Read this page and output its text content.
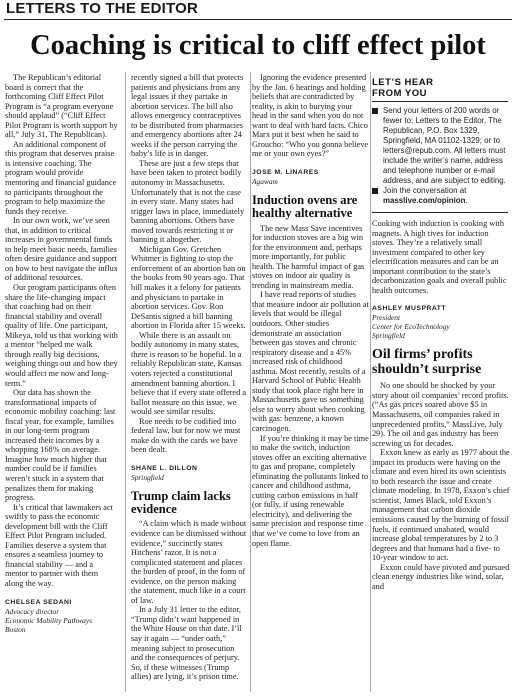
LETTERS TO THE EDITOR
Coaching is critical to cliff effect pilot

The Republican’s editorial board is correct that the forthcoming Cliff Effect Pilot Program is “a program everyone should applaud” (“Cliff Effect Pilot Program is worth support by all,” July 31, The Republican).

An additional component of this program that deserves praise is intensive coaching. The program would provide mentoring and financial guidance to participants throughout the program to help maximize the funds they receive.

In our own work, we’ve seen that, in addition to critical increases in governmental funds to help meet basic needs, families often desire guidance and support on how to best navigate the influx of additional resources.

Our program participants often share the life-changing impact that coaching had on their financial stability and overall quality of life. One participant, Mikeya, told us that working with a mentor “helped me walk through really big decisions, weighing things out and how they would affect me now and long-term.”

Our data has shown the transformational impacts of economic mobility coaching: last fiscal year, for example, families in our long-term program increased their incomes by a whopping 168% on average. Imagine how much higher that number could be if families weren’t stuck in a system that penalizes them for making progress.

It’s critical that lawmakers act swiftly to pass the economic development bill with the Cliff Effect Pilot Program included. Families deserve a system that ensures a seamless journey to financial stability — and a mentor to partner with them along the way.

CHELSEA SEDANI
Advocacy director
Economic Mobility Pathways
Boston

recently signed a bill that protects patients and physicians from any legal issues if they partake in abortion services. The bill also allows emergency contraceptives to be distributed from pharmacies and emergency abortions after 24 weeks if the person carrying the baby’s life is in danger.

These are just a few steps that have been taken to protect bodily autonomy in Massachusetts. Unfortunately that is not the case in every state. Many states had trigger laws in place, immediately banning abortions. Others have moved towards restricting it or banning it altogether.

Michigan Gov. Gretchen Whitmer is fighting to stop the enforcement of an abortion ban on the books from 90 years ago. That bill makes it a felony for patients and physicians to partake in abortion services. Gov. Ron DeSantis signed a bill banning abortion in Florida after 15 weeks.

While there is an assault on bodily autonomy in many states, there is reason to be hopeful. In a reliably Republican state, Kansas voters rejected a constitutional amendment banning abortion. I believe that if every state offered a ballot measure on this issue, we would see similar results.

Roe needs to be codified into federal law, but for now we must make do with the cards we have been dealt.

SHANE L. DILLON
Springfield
Trump claim lacks evidence

“A claim which is made without evidence can be dismissed without evidence,” succinctly states Hitchens’ razor. It is not a complicated statement and places the burden of proof, in the form of evidence, on the person making the statement, much like in a court of law.

In a July 31 letter to the editor, “Trump didn’t want happened in the White House on that date. I’ll say it again — “under oath,” meaning subject to prosecution and the consequences of perjury. So, if these witnesses (Trump allies) are lying, it’s prison time.

Ignoring the evidence presented by the Jan. 6 hearings and holding beliefs that are contradicted by reality, is akin to burying your head in the sand when you do not want to deal with hard facts. Chico Marx put it best when he said to Groucho: “Who you gonna believe me or your own eyes?”

JOSE M. LINARES
Agawam
Induction ovens are healthy alternative

The new Mass Save incentives for induction stoves are a big win for the environment and, perhaps more importantly, for public health. The harmful impact of gas stoves on indoor air quality is trending in mainstream media.

I have read reports of studies that measure indoor air pollution at levels that would be illegal outdoors. Other studies demonstrate an association between gas stoves and chronic respiratory disease and a 45% increased risk of childhood asthma. Most recently, results of a Harvard School of Public Health study that took place right here in Massachusetts gave us something else to worry about when cooking with gas: benzene, a known carcinogen.

If you’re thinking it may be time to make the switch, induction stoves offer an exciting alternative to gas and propane, completely eliminating the pollutants linked to cancer and childhood asthma, cutting carbon emissions in half (or fully, if using renewable electricity), and delivering the same precision and response time that we’ve come to love from an open flame.

LET’S HEAR
FROM YOU
Send your letters of 200 words or fewer to: Letters to the Editor, The Republican, P.O. Box 1329, Springfield, MA 01102-1329; or to letters@repub.com. All letters must include the writer’s name, address and telephone number or e-mail address, and are subject to editing.
Join the conversation at masslive.com/opinion.

Cooking with induction is cooking with magnets. A high tives for induction stoves. They’re a relatively small investment compared to other key electrification measures and can be an important contribution to the state’s decarbonization goals and overall public health outcomes.

ASHLEY MUSPRATT
President
Center for EcoTechnology
Springfield
Oil firms’ profits shouldn’t surprise

No one should be shocked by your story about oil companies’ record profits. (“As gas prices soared above $5 in Massachusetts, oil companies raked in unprecedented profits,” MassLive, July 29). The oil and gas industry has been screwing us for decades.

Exxon knew as early as 1977 about the impact its products were having on the climate and even hired its own scientists to both research the issue and create climate modeling. In 1978, Exxon’s chief scientist, James Black, told Exxon’s management that carbon dioxide emissions caused by the burning of fossil fuels, if continued unabated, would increase global temperatures by 2 to 3 degrees and that humans had a five- to 10-year window to act.

Exxon could have pivoted and pursued clean energy industries like wind, solar, and
